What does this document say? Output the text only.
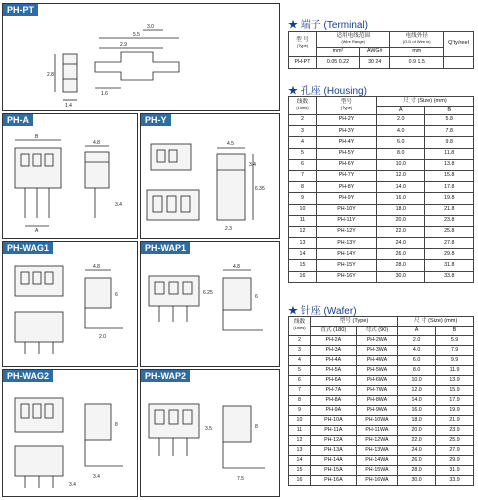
PH-PT
2.9
5.5
1.6
3.0
1.4
2.8
PH-A
B
A
4.8
3.4
PH-Y
4.5
3.4
6.35
2.3
PH-WAG1
4.8
6
2.0
PH-WAP1
4.8
6
6.25
PH-WAG2
8
3.4
3.4
PH-WAP2
8
7.5
3.5
★ 端子 (Terminal)
型 号
(Type)	适用电线范围
(Wire Range)		电线外径
(O.D of Wire in)	Q'ty/reel
	mm²	AWG#	mm	
PH-PT	0.05 0.22	30 24	0.9 1.5	
★ 孔座 (Housing)
线数
(Lines)	型号
(Type)	尺 寸 (Size) (mm)	
		A	B
2	PH-2Y	2.0	5.8
3	PH-3Y	4.0	7.8
4	PH-4Y	6.0	9.8
5	PH-5Y	8.0	11.8
6	PH-6Y	10.0	13.8
7	PH-7Y	12.0	15.8
8	PH-8Y	14.0	17.8
9	PH-9Y	16.0	19.8
10	PH-10Y	18.0	21.8
11	PH-11Y	20.0	23.8
12	PH-12Y	22.0	25.8
13	PH-13Y	24.0	27.8
14	PH-14Y	26.0	29.8
15	PH-15Y	28.0	31.8
16	PH-16Y	30.0	33.8
★ 针座 (Wafer)
线数
(Lines)	型号 (Type)		尺 寸 (Size) (mm)	
	直式 (180)	弯式 (90)	A	B
2	PH-2A	PH-2WA	2.0	5.9
3	PH-3A	PH-3WA	4.0	7.9
4	PH-4A	PH-4WA	6.0	9.9
5	PH-5A	PH-5WA	8.0	11.9
6	PH-6A	PH-6WA	10.0	13.9
7	PH-7A	PH-7WA	12.0	15.9
8	PH-8A	PH-8WA	14.0	17.9
9	PH-9A	PH-9WA	16.0	19.9
10	PH-10A	PH-10WA	18.0	21.9
11	PH-11A	PH-11WA	20.0	23.9
12	PH-12A	PH-12WA	22.0	25.9
13	PH-13A	PH-13WA	24.0	27.9
14	PH-14A	PH-14WA	26.0	29.9
15	PH-15A	PH-15WA	28.0	31.9
16	PH-16A	PH-16WA	30.0	33.9
